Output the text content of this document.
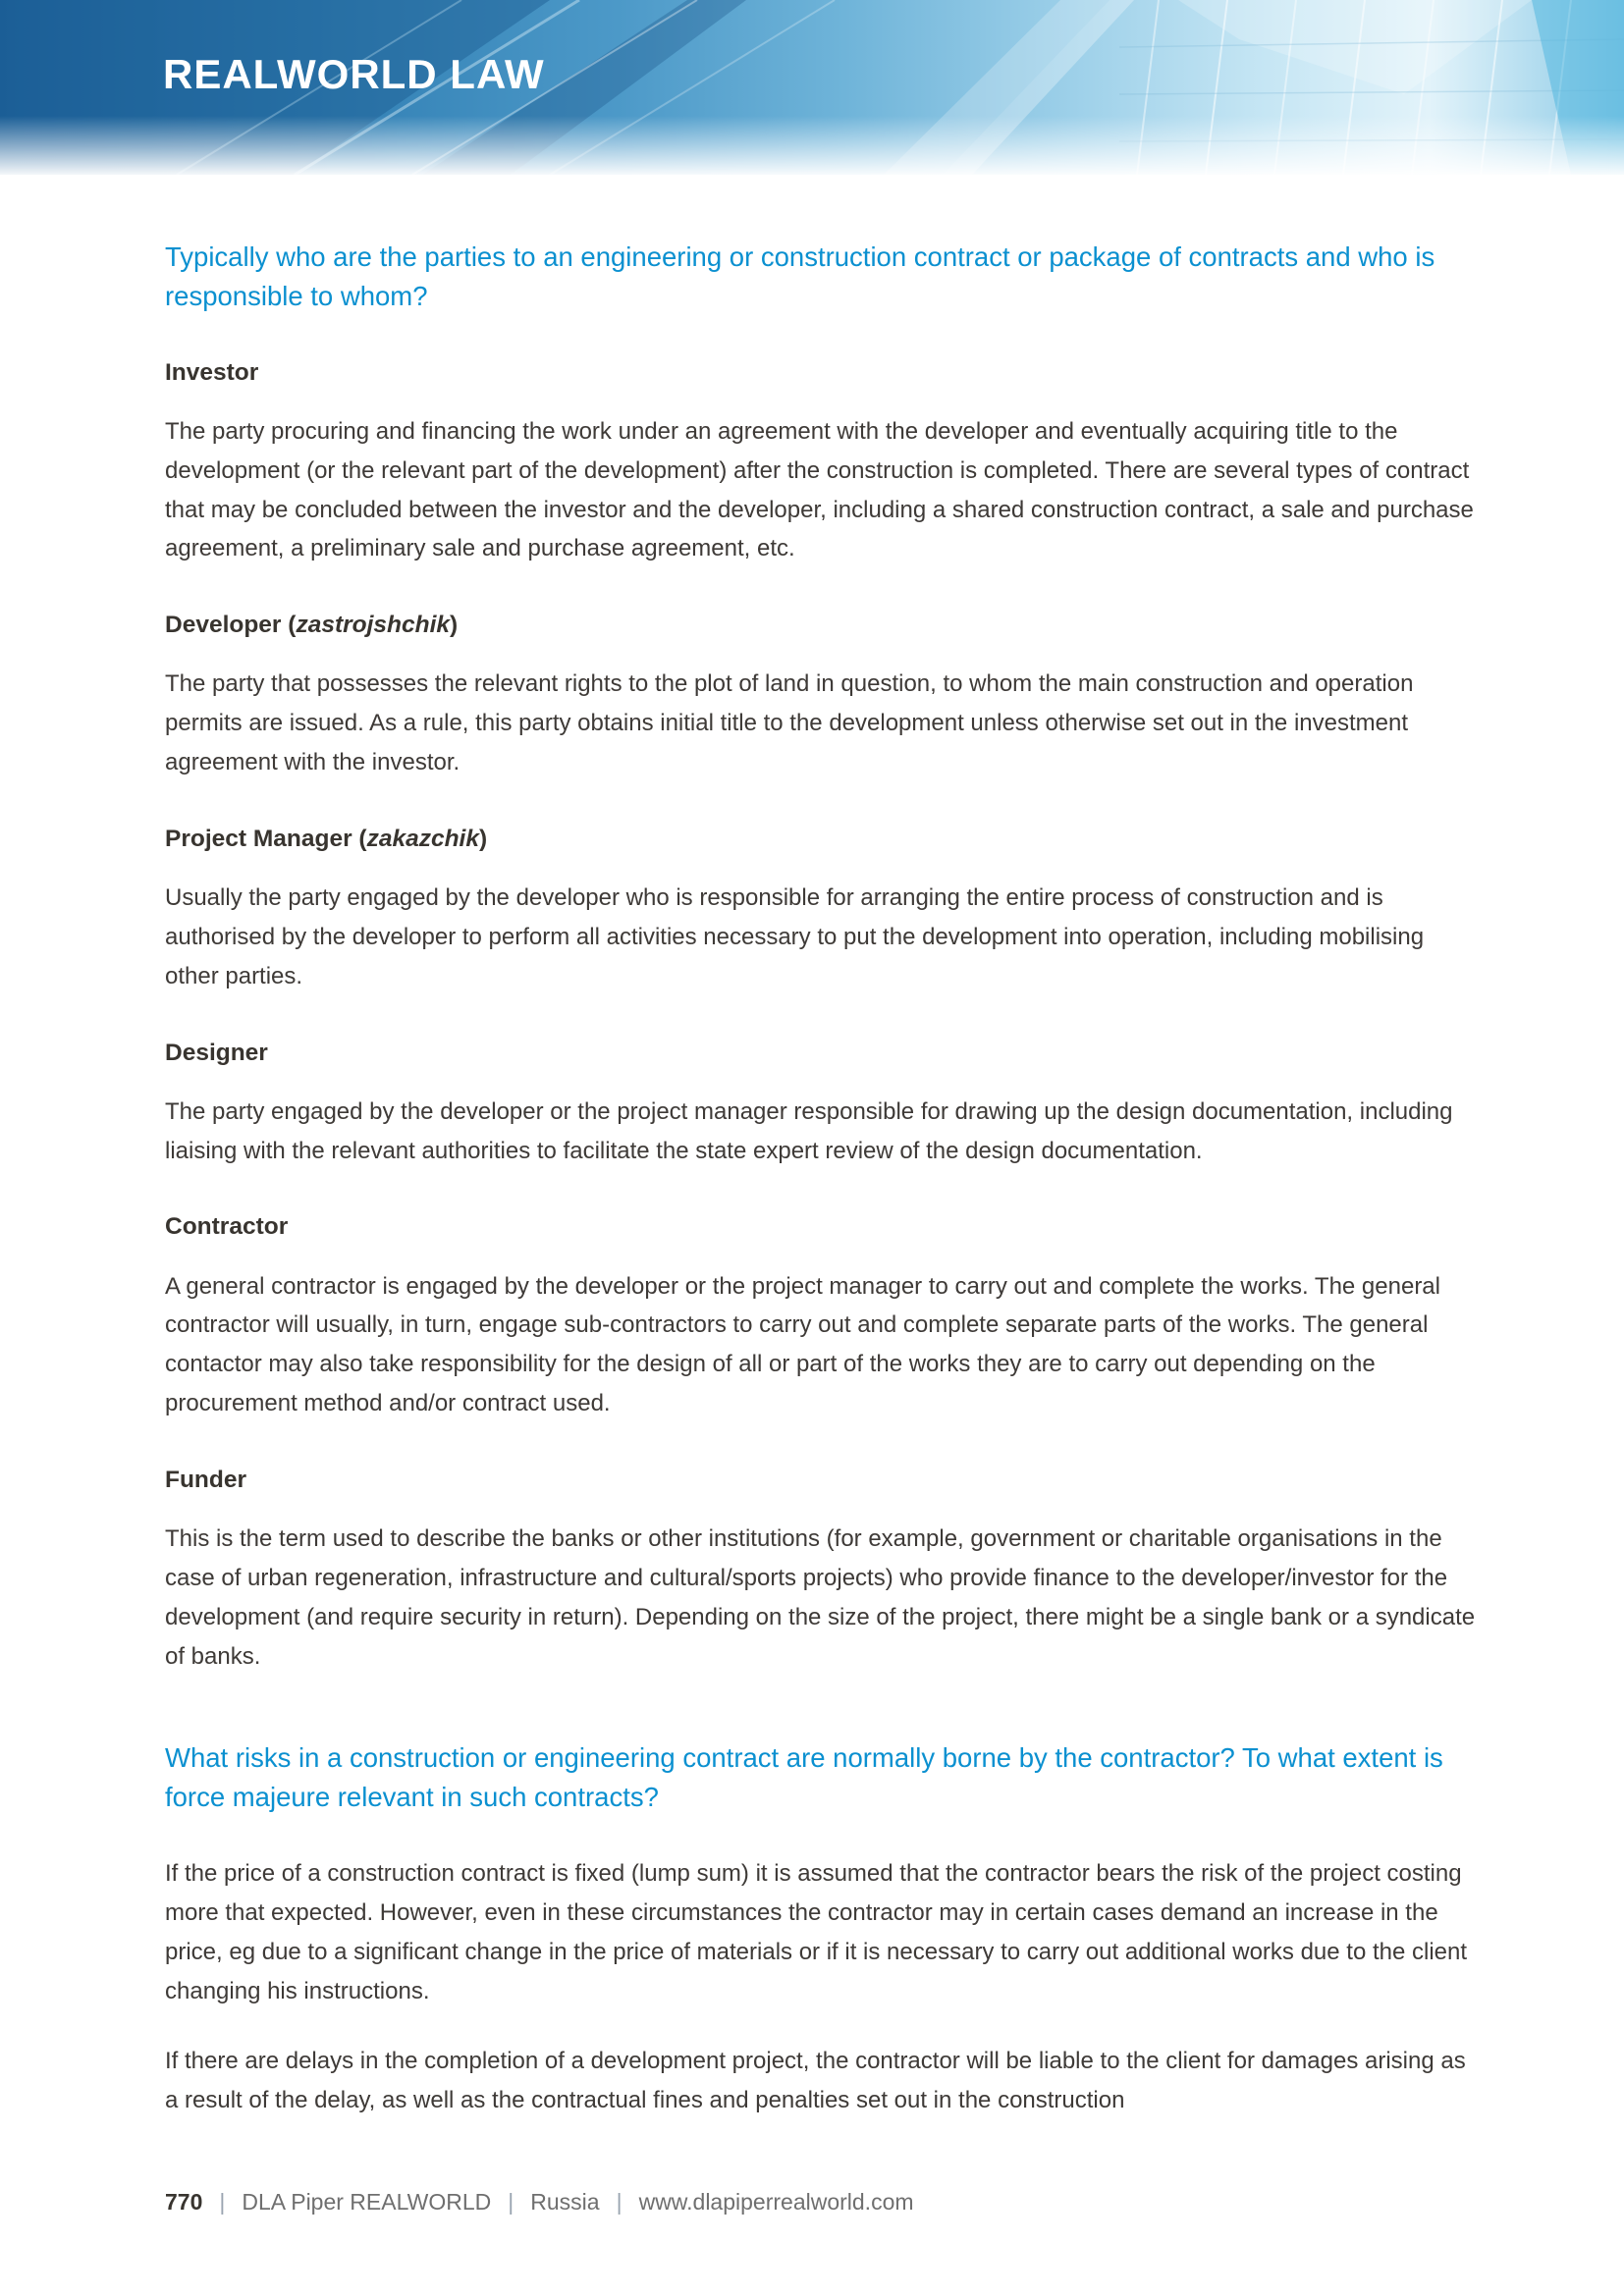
REALWORLD LAW
Typically who are the parties to an engineering or construction contract or package of contracts and who is responsible to whom?
Investor

The party procuring and financing the work under an agreement with the developer and eventually acquiring title to the development (or the relevant part of the development) after the construction is completed. There are several types of contract that may be concluded between the investor and the developer, including a shared construction contract, a sale and purchase agreement, a preliminary sale and purchase agreement, etc.

Developer (zastrojshchik)

The party that possesses the relevant rights to the plot of land in question, to whom the main construction and operation permits are issued. As a rule, this party obtains initial title to the development unless otherwise set out in the investment agreement with the investor.

Project Manager (zakazchik)

Usually the party engaged by the developer who is responsible for arranging the entire process of construction and is authorised by the developer to perform all activities necessary to put the development into operation, including mobilising other parties.

Designer

The party engaged by the developer or the project manager responsible for drawing up the design documentation, including liaising with the relevant authorities to facilitate the state expert review of the design documentation.

Contractor

A general contractor is engaged by the developer or the project manager to carry out and complete the works. The general contractor will usually, in turn, engage sub-contractors to carry out and complete separate parts of the works. The general contactor may also take responsibility for the design of all or part of the works they are to carry out depending on the procurement method and/or contract used.

Funder

This is the term used to describe the banks or other institutions (for example, government or charitable organisations in the case of urban regeneration, infrastructure and cultural/sports projects) who provide finance to the developer/investor for the development (and require security in return). Depending on the size of the project, there might be a single bank or a syndicate of banks.

What risks in a construction or engineering contract are normally borne by the contractor? To what extent is force majeure relevant in such contracts?

If the price of a construction contract is fixed (lump sum) it is assumed that the contractor bears the risk of the project costing more that expected. However, even in these circumstances the contractor may in certain cases demand an increase in the price, eg due to a significant change in the price of materials or if it is necessary to carry out additional works due to the client changing his instructions.

If there are delays in the completion of a development project, the contractor will be liable to the client for damages arising as a result of the delay, as well as the contractual fines and penalties set out in the construction

770 | DLA Piper REALWORLD | Russia | www.dlapiperrealworld.com
